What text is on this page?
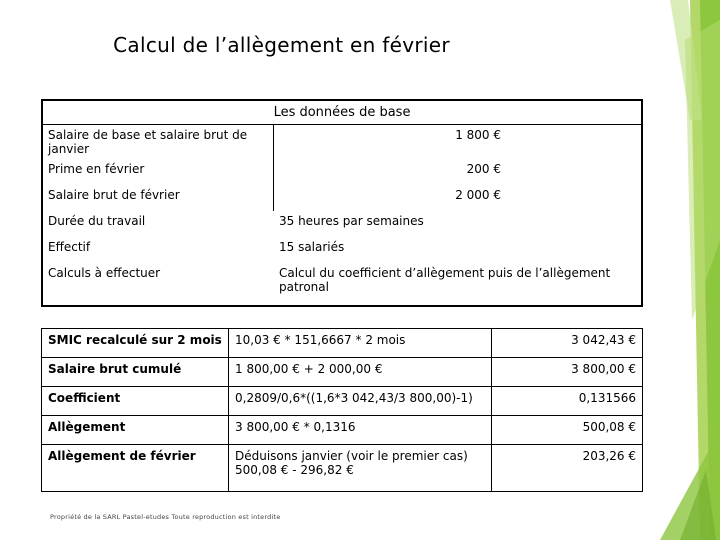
Calcul de l’allègement en février
Les données de base	
Salaire de base et salaire brut de janvier	1 800 €
Prime en février	200 €
Salaire brut de février	2 000 €
Durée du travail	35 heures par semaines
Effectif	15 salariés
Calculs à effectuer	Calcul du coefficient d’allègement puis de l’allègement patronal
SMIC recalculé sur 2 mois	10,03 € * 151,6667 * 2 mois	3 042,43 €
Salaire brut cumulé	1 800,00 € + 2 000,00 €	3 800,00 €
Coefficient	0,2809/0,6*((1,6*3 042,43/3 800,00)-1)	0,131566
Allègement	3 800,00 € * 0,1316	500,08 €
Allègement de février	Déduisons janvier (voir le premier cas) 500,08 € - 296,82 €	203,26 €
Propriété de la SARL Pastel-etudes Toute reproduction est interdite
